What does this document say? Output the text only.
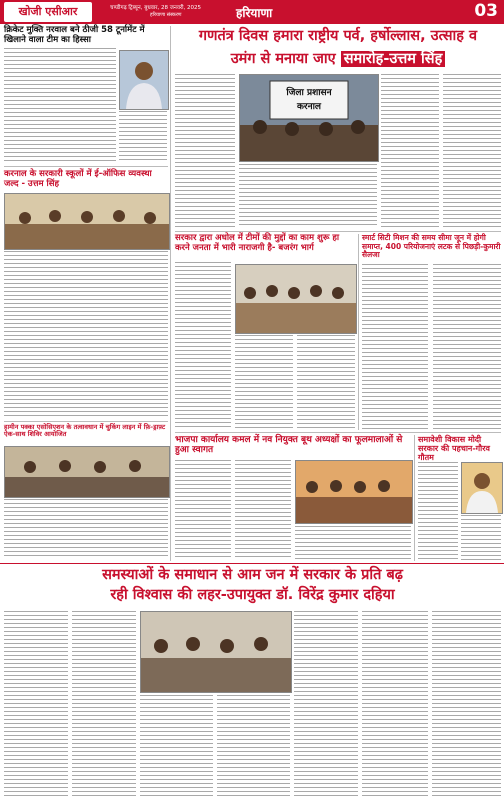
खोजी एसीआर	चण्डीगढ़ ट्रिब्यून, बुधवार, 28 जनवरी, 2025
हरियाणा संस्करण	हरियाणा	03
क्रिकेट मुक्ति नरवाल बने ठीजी 58 टूर्नामेंट में खिलाने वाला टीम का हिस्सा
करनाल के सरकारी स्कूलों में ई-ऑफिस व्यवस्था जल्द - उत्तम सिंह
हामीन पक्का एसोसिएशन के तत्वावधान में चुकिंग लाइन में फ़ि-ड्राफ़्ट ऐक-साथ शिविर आयोजित
गणतंत्र दिवस हमारा राष्ट्रीय पर्व, हर्षोल्लास, उत्साह व
उमंग से मनाया जाए समारोह-उत्तम सिंह
जिला प्रशासन
करनाल
सरकार द्वारा अधोल में टीमों की मुद्दों का काम शुरू हा करने जनता में भारी नाराजगी है- बजरंग भार्ग
स्मार्ट सिटी मिशन की समय सीमा जून में होगी समाप्त, 400 परियोजनाएं लटक से पिछड़ी-कुमारी सैलजा
भाजपा कार्यालय कमल में नव नियुक्त बूथ अध्यक्षों का फूलमालाओं से हुआ स्वागत
समावेशी विकास मोदी सरकार की पहचान-गौरव गौतम
समस्याओं के समाधान से आम जन में सरकार के प्रति बढ़
रही विश्वास की लहर-उपायुक्त डॉ. विरेंद्र कुमार दहिया
